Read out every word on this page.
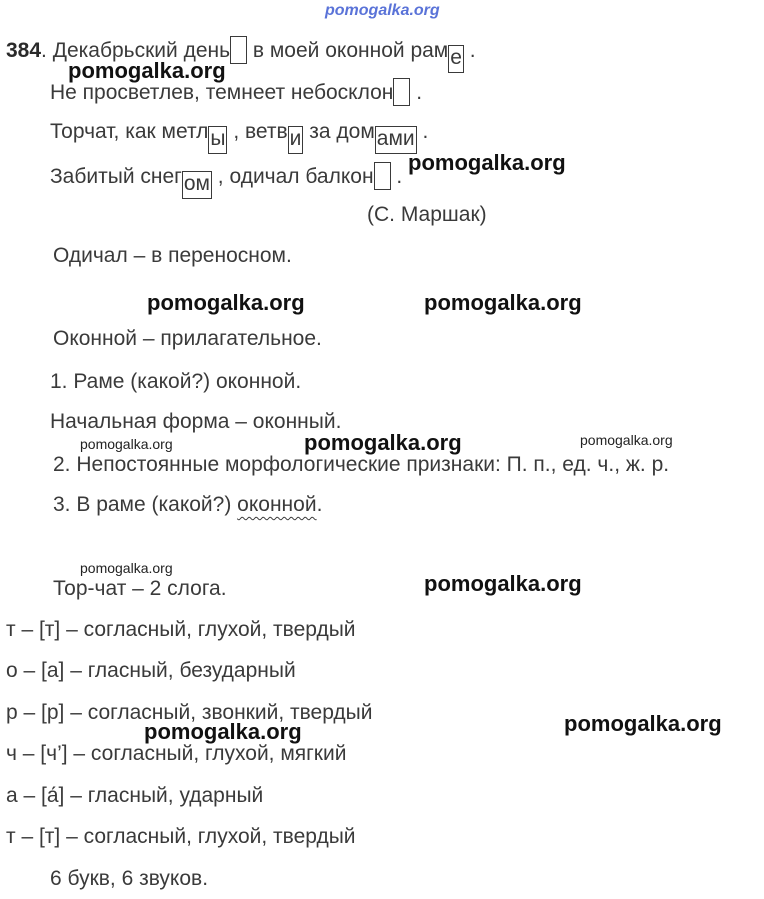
pomogalka.org
384. Декабрьский день в моей оконной раме .
Не просветлев, темнеет небосклон .
Торчат, как метлы , ветви за домами .
Забитый снегом , одичал балкон .
(С. Маршак)
Одичал – в переносном.
Оконной – прилагательное.
1. Раме (какой?) оконной.
Начальная форма – оконный.
2. Непостоянные морфологические признаки: П. п., ед. ч., ж. р.
3. В раме (какой?) оконной.
Тор-чат – 2 слога.
т – [т] – согласный, глухой, твердый
о – [а] – гласный, безударный
р – [р] – согласный, звонкий, твердый
ч – [ч’] – согласный, глухой, мягкий
а – [а́] – гласный, ударный
т – [т] – согласный, глухой, твердый
6 букв, 6 звуков.
pomogalka.org
pomogalka.org
pomogalka.org	pomogalka.org
pomogalka.org	pomogalka.org	pomogalka.org
pomogalka.org
pomogalka.org
pomogalka.org
pomogalka.org
